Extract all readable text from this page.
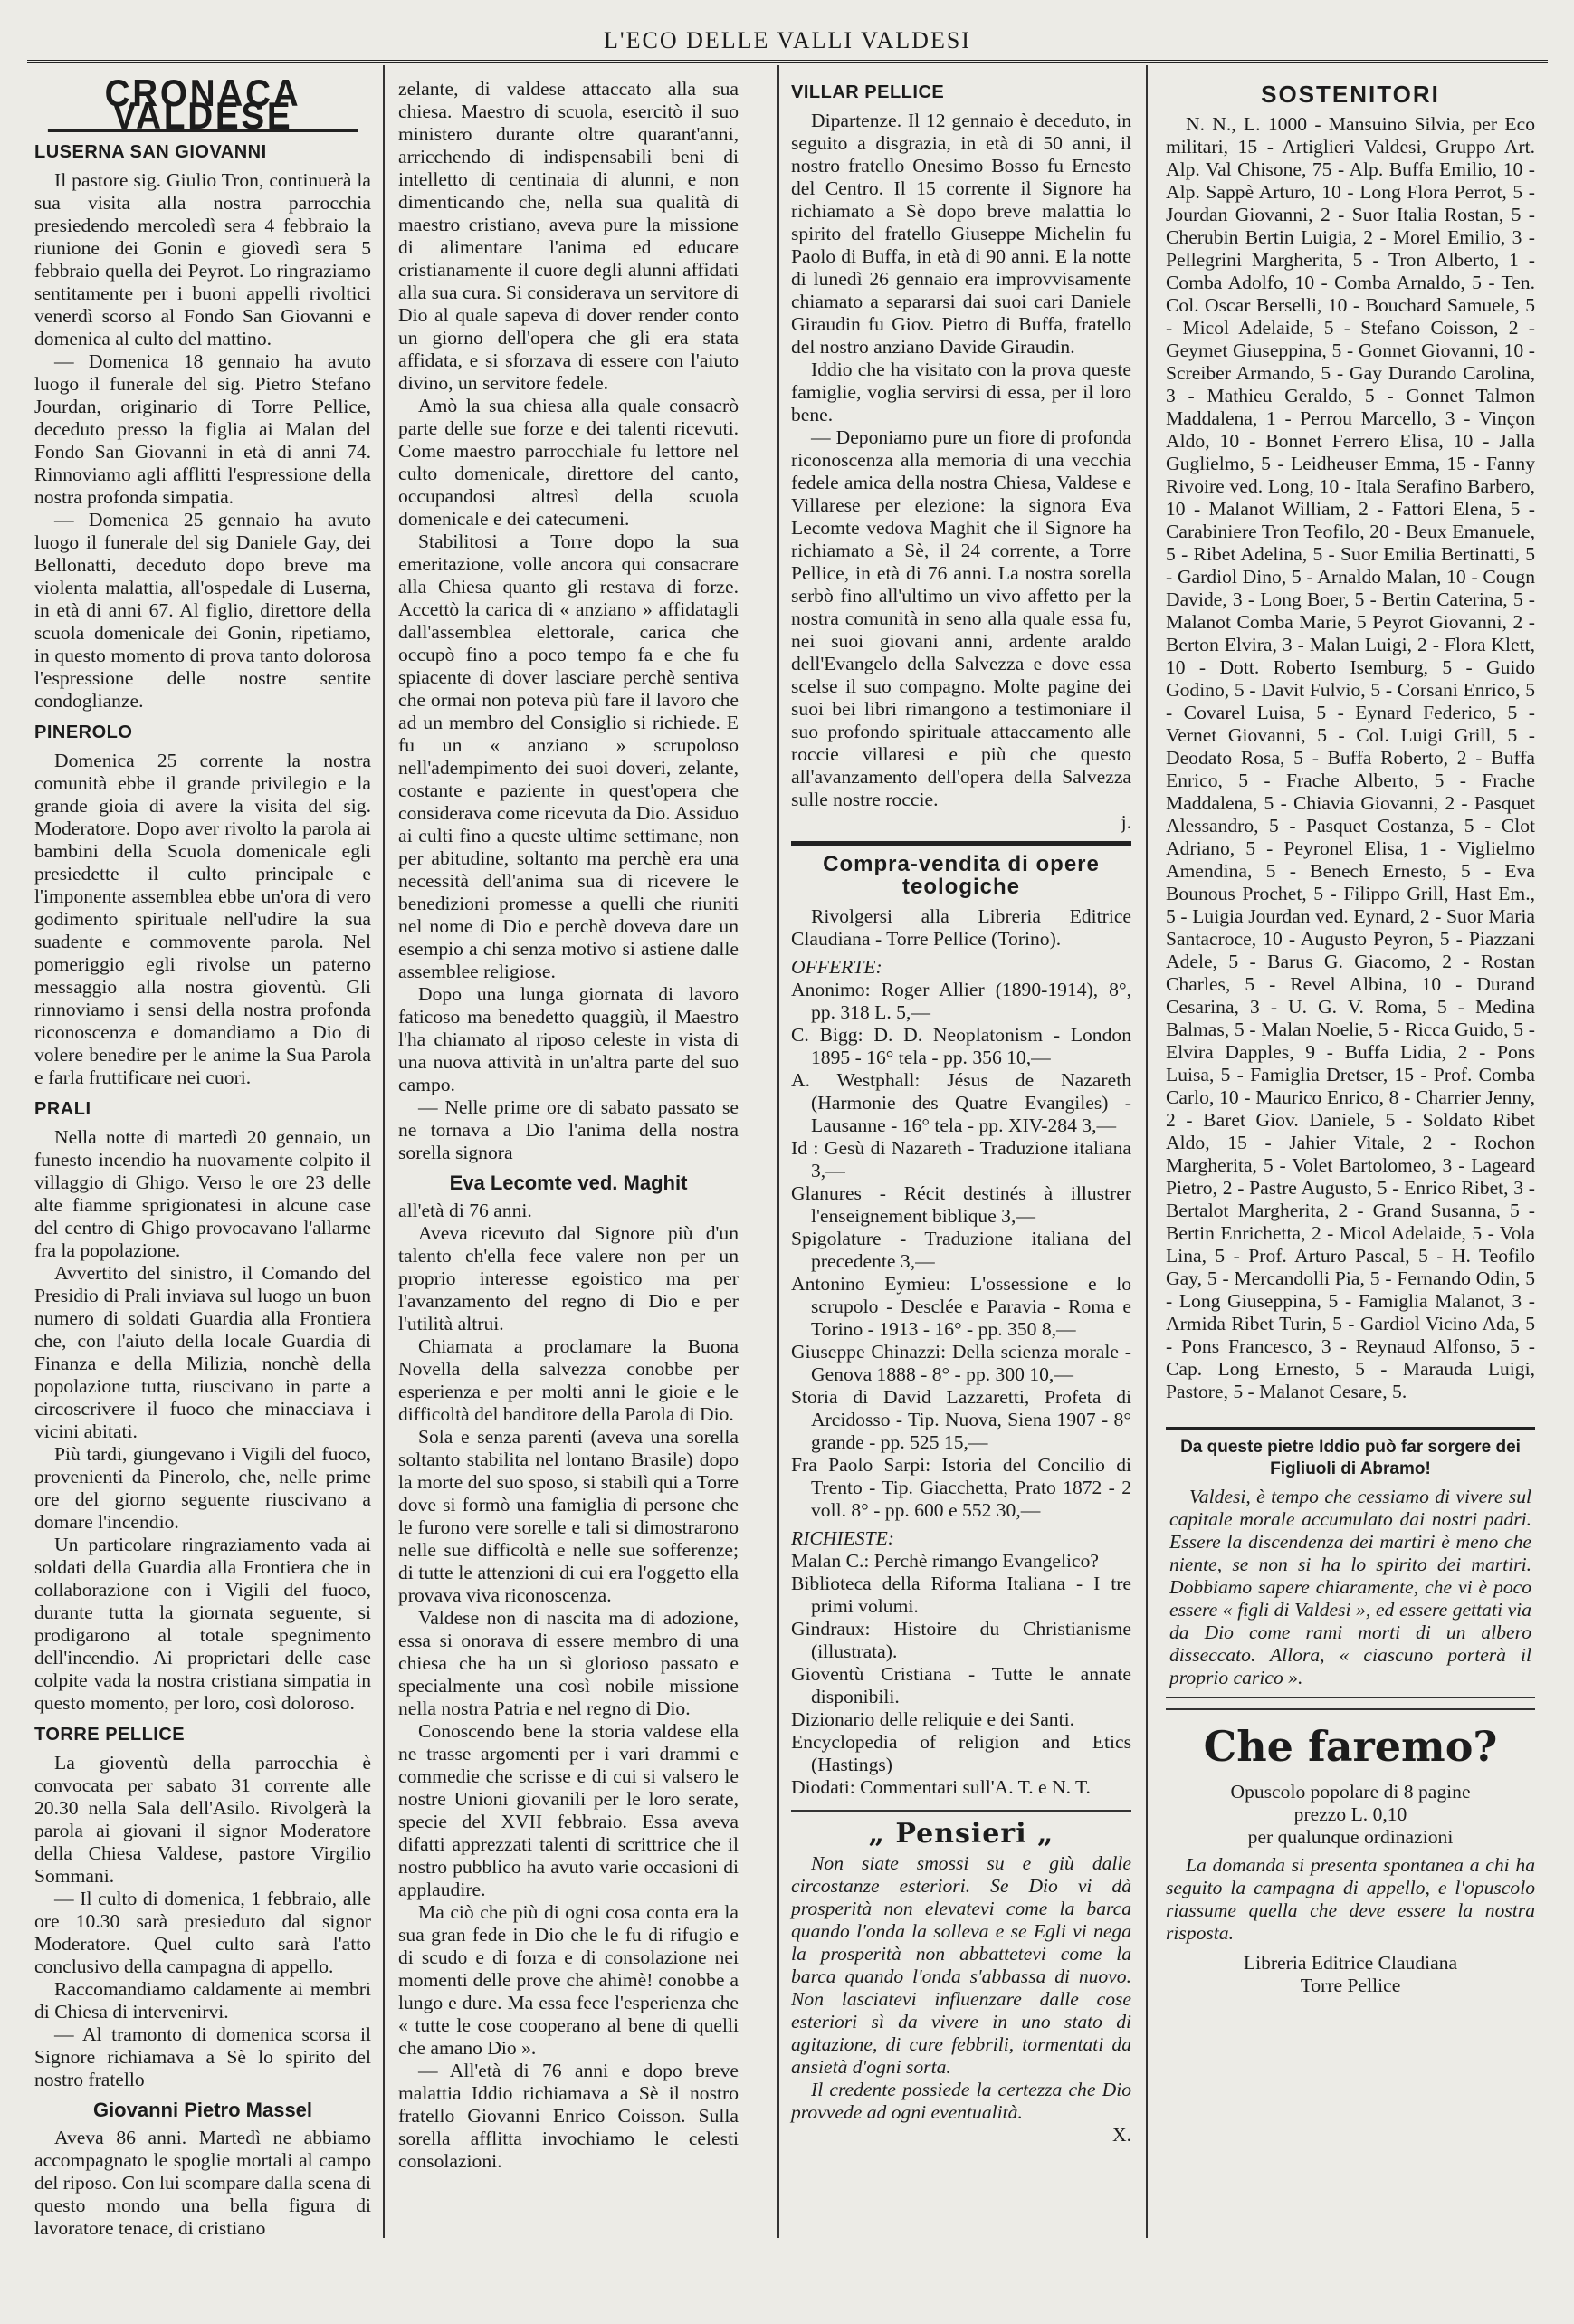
L'ECO DELLE VALLI VALDESI
CRONACA VALDESE
LUSERNA SAN GIOVANNI

Il pastore sig. Giulio Tron, continuerà la sua visita alla nostra parrocchia presiedendo mercoledì sera 4 febbraio la riunione dei Gonin e giovedì sera 5 febbraio quella dei Peyrot. Lo ringraziamo sentitamente per i buoni appelli rivoltici venerdì scorso al Fondo San Giovanni e domenica al culto del mattino.

— Domenica 18 gennaio ha avuto luogo il funerale del sig. Pietro Stefano Jourdan, originario di Torre Pellice, deceduto presso la figlia ai Malan del Fondo San Giovanni in età di anni 74. Rinnoviamo agli afflitti l'espressione della nostra profonda simpatia.

— Domenica 25 gennaio ha avuto luogo il funerale del sig Daniele Gay, dei Bellonatti, deceduto dopo breve ma violenta malattia, all'ospedale di Luserna, in età di anni 67. Al figlio, direttore della scuola domenicale dei Gonin, ripetiamo, in questo momento di prova tanto dolorosa l'espressione delle nostre sentite condoglianze.

PINEROLO

Domenica 25 corrente la nostra comunità ebbe il grande privilegio e la grande gioia di avere la visita del sig. Moderatore. Dopo aver rivolto la parola ai bambini della Scuola domenicale egli presiedette il culto principale e l'imponente assemblea ebbe un'ora di vero godimento spirituale nell'udire la sua suadente e commovente parola. Nel pomeriggio egli rivolse un paterno messaggio alla nostra gioventù. Gli rinnoviamo i sensi della nostra profonda riconoscenza e domandiamo a Dio di volere benedire per le anime la Sua Parola e farla fruttificare nei cuori.

PRALI

Nella notte di martedì 20 gennaio, un funesto incendio ha nuovamente colpito il villaggio di Ghigo. Verso le ore 23 delle alte fiamme sprigionatesi in alcune case del centro di Ghigo provocavano l'allarme fra la popolazione.

Avvertito del sinistro, il Comando del Presidio di Prali inviava sul luogo un buon numero di soldati Guardia alla Frontiera che, con l'aiuto della locale Guardia di Finanza e della Milizia, nonchè della popolazione tutta, riuscivano in parte a circoscrivere il fuoco che minacciava i vicini abitati.

Più tardi, giungevano i Vigili del fuoco, provenienti da Pinerolo, che, nelle prime ore del giorno seguente riuscivano a domare l'incendio.

Un particolare ringraziamento vada ai soldati della Guardia alla Frontiera che in collaborazione con i Vigili del fuoco, durante tutta la giornata seguente, si prodigarono al totale spegnimento dell'incendio. Ai proprietari delle case colpite vada la nostra cristiana simpatia in questo momento, per loro, così doloroso.

TORRE PELLICE

La gioventù della parrocchia è convocata per sabato 31 corrente alle 20.30 nella Sala dell'Asilo. Rivolgerà la parola ai giovani il signor Moderatore della Chiesa Valdese, pastore Virgilio Sommani.

— Il culto di domenica, 1 febbraio, alle ore 10.30 sarà presieduto dal signor Moderatore. Quel culto sarà l'atto conclusivo della campagna di appello.

Raccomandiamo caldamente ai membri di Chiesa di intervenirvi.

— Al tramonto di domenica scorsa il Signore richiamava a Sè lo spirito del nostro fratello

Giovanni Pietro Massel

Aveva 86 anni. Martedì ne abbiamo accompagnato le spoglie mortali al campo del riposo. Con lui scompare dalla scena di questo mondo una bella figura di lavoratore tenace, di cristiano

zelante, di valdese attaccato alla sua chiesa. Maestro di scuola, esercitò il suo ministero durante oltre quarant'anni, arricchendo di indispensabili beni di intelletto di centinaia di alunni, e non dimenticando che, nella sua qualità di maestro cristiano, aveva pure la missione di alimentare l'anima ed educare cristianamente il cuore degli alunni affidati alla sua cura. Si considerava un servitore di Dio al quale sapeva di dover render conto un giorno dell'opera che gli era stata affidata, e si sforzava di essere con l'aiuto divino, un servitore fedele.

Amò la sua chiesa alla quale consacrò parte delle sue forze e dei talenti ricevuti. Come maestro parrocchiale fu lettore nel culto domenicale, direttore del canto, occupandosi altresì della scuola domenicale e dei catecumeni.

Stabilitosi a Torre dopo la sua emeritazione, volle ancora qui consacrare alla Chiesa quanto gli restava di forze. Accettò la carica di « anziano » affidatagli dall'assemblea elettorale, carica che occupò fino a poco tempo fa e che fu spiacente di dover lasciare perchè sentiva che ormai non poteva più fare il lavoro che ad un membro del Consiglio si richiede. E fu un « anziano » scrupoloso nell'adempimento dei suoi doveri, zelante, costante e paziente in quest'opera che considerava come ricevuta da Dio. Assiduo ai culti fino a queste ultime settimane, non per abitudine, soltanto ma perchè era una necessità dell'anima sua di ricevere le benedizioni promesse a quelli che riuniti nel nome di Dio e perchè doveva dare un esempio a chi senza motivo si astiene dalle assemblee religiose.

Dopo una lunga giornata di lavoro faticoso ma benedetto quaggiù, il Maestro l'ha chiamato al riposo celeste in vista di una nuova attività in un'altra parte del suo campo.

— Nelle prime ore di sabato passato se ne tornava a Dio l'anima della nostra sorella signora

Eva Lecomte ved. Maghit

all'età di 76 anni.

Aveva ricevuto dal Signore più d'un talento ch'ella fece valere non per un proprio interesse egoistico ma per l'avanzamento del regno di Dio e per l'utilità altrui.

Chiamata a proclamare la Buona Novella della salvezza conobbe per esperienza e per molti anni le gioie e le difficoltà del banditore della Parola di Dio.

Sola e senza parenti (aveva una sorella soltanto stabilita nel lontano Brasile) dopo la morte del suo sposo, si stabilì qui a Torre dove si formò una famiglia di persone che le furono vere sorelle e tali si dimostrarono nelle sue difficoltà e nelle sue sofferenze; di tutte le attenzioni di cui era l'oggetto ella provava viva riconoscenza.

Valdese non di nascita ma di adozione, essa si onorava di essere membro di una chiesa che ha un sì glorioso passato e specialmente una così nobile missione nella nostra Patria e nel regno di Dio.

Conoscendo bene la storia valdese ella ne trasse argomenti per i vari drammi e commedie che scrisse e di cui si valsero le nostre Unioni giovanili per le loro serate, specie del XVII febbraio. Essa aveva difatti apprezzati talenti di scrittrice che il nostro pubblico ha avuto varie occasioni di applaudire.

Ma ciò che più di ogni cosa conta era la sua gran fede in Dio che le fu di rifugio e di scudo e di forza e di consolazione nei momenti delle prove che ahimè! conobbe a lungo e dure. Ma essa fece l'esperienza che « tutte le cose cooperano al bene di quelli che amano Dio ».

— All'età di 76 anni e dopo breve malattia Iddio richiamava a Sè il nostro fratello Giovanni Enrico Coisson. Sulla sorella afflitta invochiamo le celesti consolazioni.

VILLAR PELLICE

Dipartenze. Il 12 gennaio è deceduto, in seguito a disgrazia, in età di 50 anni, il nostro fratello Onesimo Bosso fu Ernesto del Centro. Il 15 corrente il Signore ha richiamato a Sè dopo breve malattia lo spirito del fratello Giuseppe Michelin fu Paolo di Buffa, in età di 90 anni. E la notte di lunedì 26 gennaio era improvvisamente chiamato a separarsi dai suoi cari Daniele Giraudin fu Giov. Pietro di Buffa, fratello del nostro anziano Davide Giraudin.

Iddio che ha visitato con la prova queste famiglie, voglia servirsi di essa, per il loro bene.

— Deponiamo pure un fiore di profonda riconoscenza alla memoria di una vecchia fedele amica della nostra Chiesa, Valdese e Villarese per elezione: la signora Eva Lecomte vedova Maghit che il Signore ha richiamato a Sè, il 24 corrente, a Torre Pellice, in età di 76 anni. La nostra sorella serbò fino all'ultimo un vivo affetto per la nostra comunità in seno alla quale essa fu, nei suoi giovani anni, ardente araldo dell'Evangelo della Salvezza e dove essa scelse il suo compagno. Molte pagine dei suoi bei libri rimangono a testimoniare il suo profondo spirituale attaccamento alle roccie villaresi e più che questo all'avanzamento dell'opera della Salvezza sulle nostre roccie.

j.

Compra-vendita di opere teologiche

Rivolgersi alla Libreria Editrice Claudiana - Torre Pellice (Torino).

OFFERTE:

Anonimo: Roger Allier (1890-1914), 8°, pp. 318 L. 5,—

C. Bigg: D. D. Neoplatonism - London 1895 - 16° tela - pp. 356 10,—

A. Westphall: Jésus de Nazareth (Harmonie des Quatre Evangiles) - Lausanne - 16° tela - pp. XIV-284 3,—

Id : Gesù di Nazareth - Traduzione italiana 3,—

Glanures - Récit destinés à illustrer l'enseignement biblique 3,—

Spigolature - Traduzione italiana del precedente 3,—

Antonino Eymieu: L'ossessione e lo scrupolo - Desclée e Paravia - Roma e Torino - 1913 - 16° - pp. 350 8,—

Giuseppe Chinazzi: Della scienza morale - Genova 1888 - 8° - pp. 300 10,—

Storia di David Lazzaretti, Profeta di Arcidosso - Tip. Nuova, Siena 1907 - 8° grande - pp. 525 15,—

Fra Paolo Sarpi: Istoria del Concilio di Trento - Tip. Giacchetta, Prato 1872 - 2 voll. 8° - pp. 600 e 552 30,—

RICHIESTE:

Malan C.: Perchè rimango Evangelico?

Biblioteca della Riforma Italiana - I tre primi volumi.

Gindraux: Histoire du Christianisme (illustrata).

Gioventù Cristiana - Tutte le annate disponibili.

Dizionario delle reliquie e dei Santi.

Encyclopedia of religion and Etics (Hastings)

Diodati: Commentari sull'A. T. e N. T.

„ Pensieri „

Non siate smossi su e giù dalle circostanze esteriori. Se Dio vi dà prosperità non elevatevi come la barca quando l'onda la solleva e se Egli vi nega la prosperità non abbattetevi come la barca quando l'onda s'abbassa di nuovo. Non lasciatevi influenzare dalle cose esteriori sì da vivere in uno stato di agitazione, di cure febbrili, tormentati da ansietà d'ogni sorta.

Il credente possiede la certezza che Dio provvede ad ogni eventualità.

X.

SOSTENITORI

N. N., L. 1000 - Mansuino Silvia, per Eco militari, 15 - Artiglieri Valdesi, Gruppo Art. Alp. Val Chisone, 75 - Alp. Buffa Emilio, 10 - Alp. Sappè Arturo, 10 - Long Flora Perrot, 5 - Jourdan Giovanni, 2 - Suor Italia Rostan, 5 - Cherubin Bertin Luigia, 2 - Morel Emilio, 3 - Pellegrini Margherita, 5 - Tron Alberto, 1 - Comba Adolfo, 10 - Comba Arnaldo, 5 - Ten. Col. Oscar Berselli, 10 - Bouchard Samuele, 5 - Micol Adelaide, 5 - Stefano Coisson, 2 - Geymet Giuseppina, 5 - Gonnet Giovanni, 10 - Screiber Armando, 5 - Gay Durando Carolina, 3 - Mathieu Geraldo, 5 - Gonnet Talmon Maddalena, 1 - Perrou Marcello, 3 - Vinçon Aldo, 10 - Bonnet Ferrero Elisa, 10 - Jalla Guglielmo, 5 - Leidheuser Emma, 15 - Fanny Rivoire ved. Long, 10 - Itala Serafino Barbero, 10 - Malanot William, 2 - Fattori Elena, 5 - Carabiniere Tron Teofilo, 20 - Beux Emanuele, 5 - Ribet Adelina, 5 - Suor Emilia Bertinatti, 5 - Gardiol Dino, 5 - Arnaldo Malan, 10 - Cougn Davide, 3 - Long Boer, 5 - Bertin Caterina, 5 - Malanot Comba Marie, 5 Peyrot Giovanni, 2 - Berton Elvira, 3 - Malan Luigi, 2 - Flora Klett, 10 - Dott. Roberto Isemburg, 5 - Guido Godino, 5 - Davit Fulvio, 5 - Corsani Enrico, 5 - Covarel Luisa, 5 - Eynard Federico, 5 - Vernet Giovanni, 5 - Col. Luigi Grill, 5 - Deodato Rosa, 5 - Buffa Roberto, 2 - Buffa Enrico, 5 - Frache Alberto, 5 - Frache Maddalena, 5 - Chiavia Giovanni, 2 - Pasquet Alessandro, 5 - Pasquet Costanza, 5 - Clot Adriano, 5 - Peyronel Elisa, 1 - Viglielmo Amendina, 5 - Benech Ernesto, 5 - Eva Bounous Prochet, 5 - Filippo Grill, Hast Em., 5 - Luigia Jourdan ved. Eynard, 2 - Suor Maria Santacroce, 10 - Augusto Peyron, 5 - Piazzani Adele, 5 - Barus G. Giacomo, 2 - Rostan Charles, 5 - Revel Albina, 10 - Durand Cesarina, 3 - U. G. V. Roma, 5 - Medina Balmas, 5 - Malan Noelie, 5 - Ricca Guido, 5 - Elvira Dapples, 9 - Buffa Lidia, 2 - Pons Luisa, 5 - Famiglia Dretser, 15 - Prof. Comba Carlo, 10 - Maurico Enrico, 8 - Charrier Jenny, 2 - Baret Giov. Daniele, 5 - Soldato Ribet Aldo, 15 - Jahier Vitale, 2 - Rochon Margherita, 5 - Volet Bartolomeo, 3 - Lageard Pietro, 2 - Pastre Augusto, 5 - Enrico Ribet, 3 - Bertalot Margherita, 2 - Grand Susanna, 5 - Bertin Enrichetta, 2 - Micol Adelaide, 5 - Vola Lina, 5 - Prof. Arturo Pascal, 5 - H. Teofilo Gay, 5 - Mercandolli Pia, 5 - Fernando Odin, 5 - Long Giuseppina, 5 - Famiglia Malanot, 3 - Armida Ribet Turin, 5 - Gardiol Vicino Ada, 5 - Pons Francesco, 3 - Reynaud Alfonso, 5 - Cap. Long Ernesto, 5 - Marauda Luigi, Pastore, 5 - Malanot Cesare, 5.

Da queste pietre Iddio può far sorgere dei Figliuoli di Abramo!

Valdesi, è tempo che cessiamo di vivere sul capitale morale accumulato dai nostri padri. Essere la discendenza dei martiri è meno che niente, se non si ha lo spirito dei martiri. Dobbiamo sapere chiaramente, che vi è poco essere « figli di Valdesi », ed essere gettati via da Dio come rami morti di un albero disseccato. Allora, « ciascuno porterà il proprio carico ».

Che faremo?

Opuscolo popolare di 8 pagine

prezzo L. 0,10

per qualunque ordinazioni

La domanda si presenta spontanea a chi ha seguito la campagna di appello, e l'opuscolo riassume quella che deve essere la nostra risposta.

Libreria Editrice Claudiana

Torre Pellice
